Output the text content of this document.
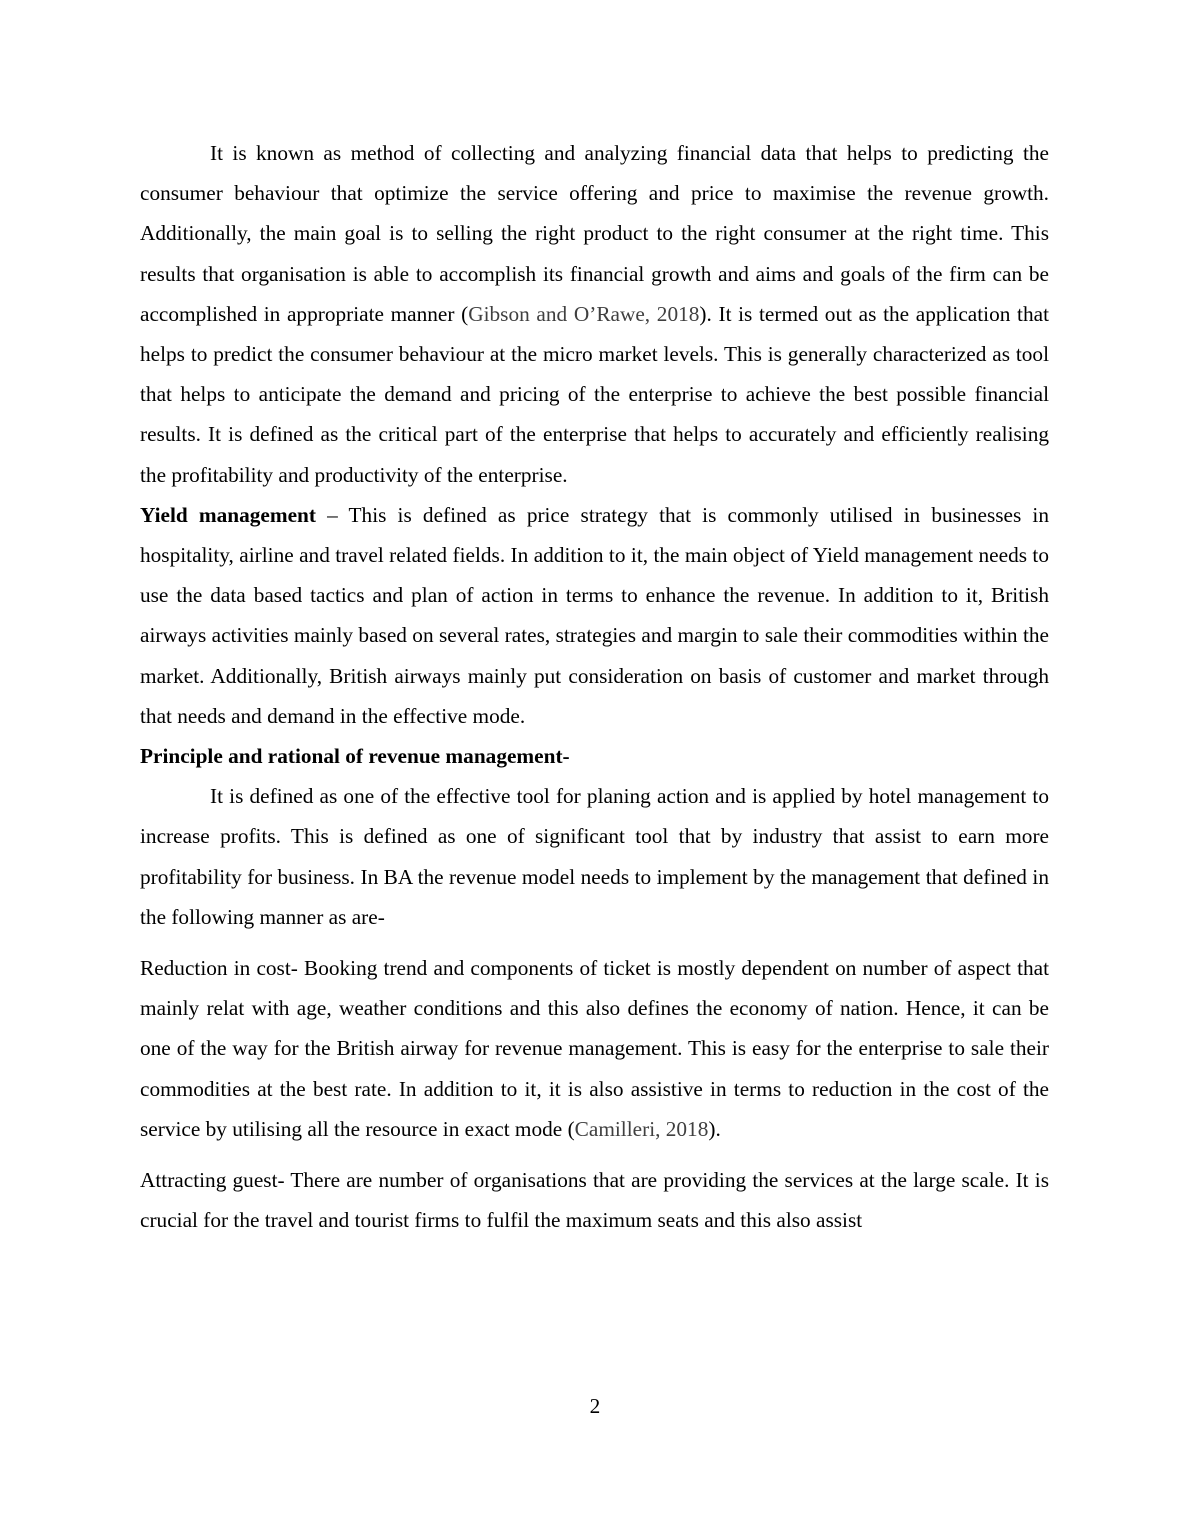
It is known as method of collecting and analyzing financial data that helps to predicting the consumer behaviour that optimize the service offering and price to maximise the revenue growth. Additionally, the main goal is to selling the right product to the right consumer at the right time. This results that organisation is able to accomplish its financial growth and aims and goals of the firm can be accomplished in appropriate manner (Gibson and O’Rawe, 2018). It is termed out as the application that helps to predict the consumer behaviour at the micro market levels. This is generally characterized as tool that helps to anticipate the demand and pricing of the enterprise to achieve the best possible financial results. It is defined as the critical part of the enterprise that helps to accurately and efficiently realising the profitability and productivity of the enterprise.

Yield management – This is defined as price strategy that is commonly utilised in businesses in hospitality, airline and travel related fields. In addition to it, the main object of Yield management needs to use the data based tactics and plan of action in terms to enhance the revenue. In addition to it, British airways activities mainly based on several rates, strategies and margin to sale their commodities within the market. Additionally, British airways mainly put consideration on basis of customer and market through that needs and demand in the effective mode.

Principle and rational of revenue management-

It is defined as one of the effective tool for planing action and is applied by hotel management to increase profits. This is defined as one of significant tool that by industry that assist to earn more profitability for business. In BA the revenue model needs to implement by the management that defined in the following manner as are-

Reduction in cost- Booking trend and components of ticket is mostly dependent on number of aspect that mainly relat with age, weather conditions and this also defines the economy of nation. Hence, it can be one of the way for the British airway for revenue management. This is easy for the enterprise to sale their commodities at the best rate. In addition to it, it is also assistive in terms to reduction in the cost of the service by utilising all the resource in exact mode (Camilleri, 2018).

Attracting guest- There are number of organisations that are providing the services at the large scale. It is crucial for the travel and tourist firms to fulfil the maximum seats and this also assist

2
